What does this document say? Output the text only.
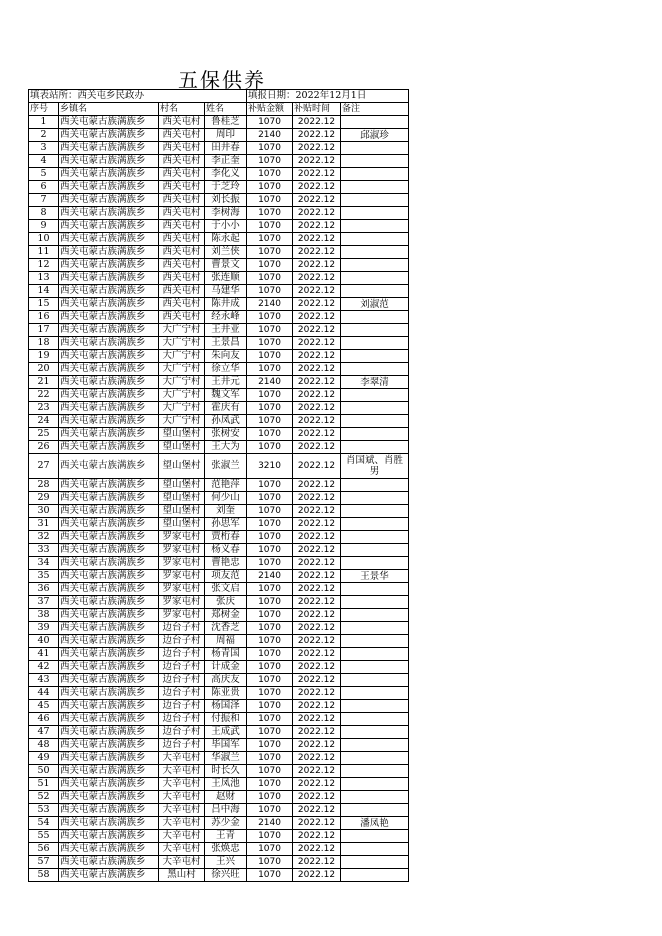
五保供养
填表站所：西关屯乡民政办				填报日期：2022年12月1日		
序号	乡镇名	村名	姓名	补贴金额	补贴时间	备注
1	西关屯蒙古族满族乡	西关屯村	鲁桂芝	1070	2022.12	
2	西关屯蒙古族满族乡	西关屯村	周印	2140	2022.12	邱淑珍
3	西关屯蒙古族满族乡	西关屯村	田井春	1070	2022.12	
4	西关屯蒙古族满族乡	西关屯村	李正奎	1070	2022.12	
5	西关屯蒙古族满族乡	西关屯村	李化义	1070	2022.12	
6	西关屯蒙古族满族乡	西关屯村	于芝玲	1070	2022.12	
7	西关屯蒙古族满族乡	西关屯村	刘长振	1070	2022.12	
8	西关屯蒙古族满族乡	西关屯村	李树海	1070	2022.12	
9	西关屯蒙古族满族乡	西关屯村	于小小	1070	2022.12	
10	西关屯蒙古族满族乡	西关屯村	陈永起	1070	2022.12	
11	西关屯蒙古族满族乡	西关屯村	刘兰侠	1070	2022.12	
12	西关屯蒙古族满族乡	西关屯村	曹景文	1070	2022.12	
13	西关屯蒙古族满族乡	西关屯村	张连顺	1070	2022.12	
14	西关屯蒙古族满族乡	西关屯村	马建华	1070	2022.12	
15	西关屯蒙古族满族乡	西关屯村	陈井成	2140	2022.12	刘淑范
16	西关屯蒙古族满族乡	西关屯村	经永峰	1070	2022.12	
17	西关屯蒙古族满族乡	大广宁村	王井亚	1070	2022.12	
18	西关屯蒙古族满族乡	大广宁村	王景昌	1070	2022.12	
19	西关屯蒙古族满族乡	大广宁村	朱向友	1070	2022.12	
20	西关屯蒙古族满族乡	大广宁村	徐立华	1070	2022.12	
21	西关屯蒙古族满族乡	大广宁村	王井元	2140	2022.12	李翠清
22	西关屯蒙古族满族乡	大广宁村	魏文军	1070	2022.12	
23	西关屯蒙古族满族乡	大广宁村	霍庆有	1070	2022.12	
24	西关屯蒙古族满族乡	大广宁村	孙凤武	1070	2022.12	
25	西关屯蒙古族满族乡	望山堡村	张树安	1070	2022.12	
26	西关屯蒙古族满族乡	望山堡村	王大为	1070	2022.12	
27	西关屯蒙古族满族乡	望山堡村	张淑兰	3210	2022.12	肖国斌、肖胜男
28	西关屯蒙古族满族乡	望山堡村	范艳萍	1070	2022.12	
29	西关屯蒙古族满族乡	望山堡村	何少山	1070	2022.12	
30	西关屯蒙古族满族乡	望山堡村	刘奎	1070	2022.12	
31	西关屯蒙古族满族乡	望山堡村	孙思军	1070	2022.12	
32	西关屯蒙古族满族乡	罗家屯村	贾桁春	1070	2022.12	
33	西关屯蒙古族满族乡	罗家屯村	杨义春	1070	2022.12	
34	西关屯蒙古族满族乡	罗家屯村	曹艳忠	1070	2022.12	
35	西关屯蒙古族满族乡	罗家屯村	项友范	2140	2022.12	王景华
36	西关屯蒙古族满族乡	罗家屯村	张文启	1070	2022.12	
37	西关屯蒙古族满族乡	罗家屯村	张庆	1070	2022.12	
38	西关屯蒙古族满族乡	罗家屯村	郑树金	1070	2022.12	
39	西关屯蒙古族满族乡	边台子村	沈香芝	1070	2022.12	
40	西关屯蒙古族满族乡	边台子村	周福	1070	2022.12	
41	西关屯蒙古族满族乡	边台子村	杨青国	1070	2022.12	
42	西关屯蒙古族满族乡	边台子村	计成金	1070	2022.12	
43	西关屯蒙古族满族乡	边台子村	高庆友	1070	2022.12	
44	西关屯蒙古族满族乡	边台子村	陈亚贵	1070	2022.12	
45	西关屯蒙古族满族乡	边台子村	杨国泽	1070	2022.12	
46	西关屯蒙古族满族乡	边台子村	付振和	1070	2022.12	
47	西关屯蒙古族满族乡	边台子村	王成武	1070	2022.12	
48	西关屯蒙古族满族乡	边台子村	毕国军	1070	2022.12	
49	西关屯蒙古族满族乡	大辛屯村	华淑兰	1070	2022.12	
50	西关屯蒙古族满族乡	大辛屯村	时长久	1070	2022.12	
51	西关屯蒙古族满族乡	大辛屯村	王凤池	1070	2022.12	
52	西关屯蒙古族满族乡	大辛屯村	赵财	1070	2022.12	
53	西关屯蒙古族满族乡	大辛屯村	吕中海	1070	2022.12	
54	西关屯蒙古族满族乡	大辛屯村	苏少金	2140	2022.12	潘凤艳
55	西关屯蒙古族满族乡	大辛屯村	王青	1070	2022.12	
56	西关屯蒙古族满族乡	大辛屯村	张焕忠	1070	2022.12	
57	西关屯蒙古族满族乡	大辛屯村	王兴	1070	2022.12	
58	西关屯蒙古族满族乡	黑山村	徐兴旺	1070	2022.12	
